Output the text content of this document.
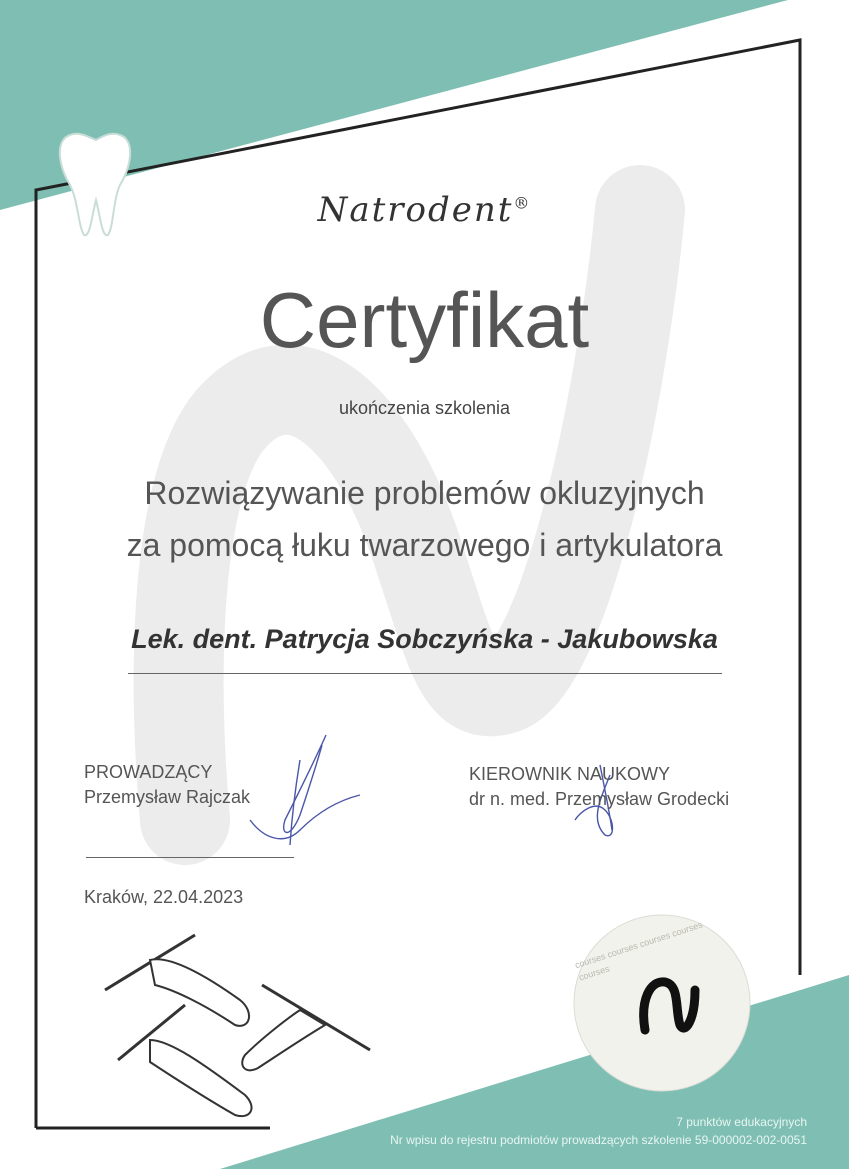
courses courses courses courses courses
Natrodent®
Certyfikat
ukończenia szkolenia
Rozwiązywanie problemów okluzyjnych
za pomocą łuku twarzowego i artykulatora
Lek. dent. Patrycja Sobczyńska - Jakubowska
PROWADZĄCY
Przemysław Rajczak
KIEROWNIK NAUKOWY
dr n. med. Przemysław Grodecki
Kraków, 22.04.2023
7 punktów edukacyjnych
Nr wpisu do rejestru podmiotów prowadzących szkolenie 59-000002-002-0051
